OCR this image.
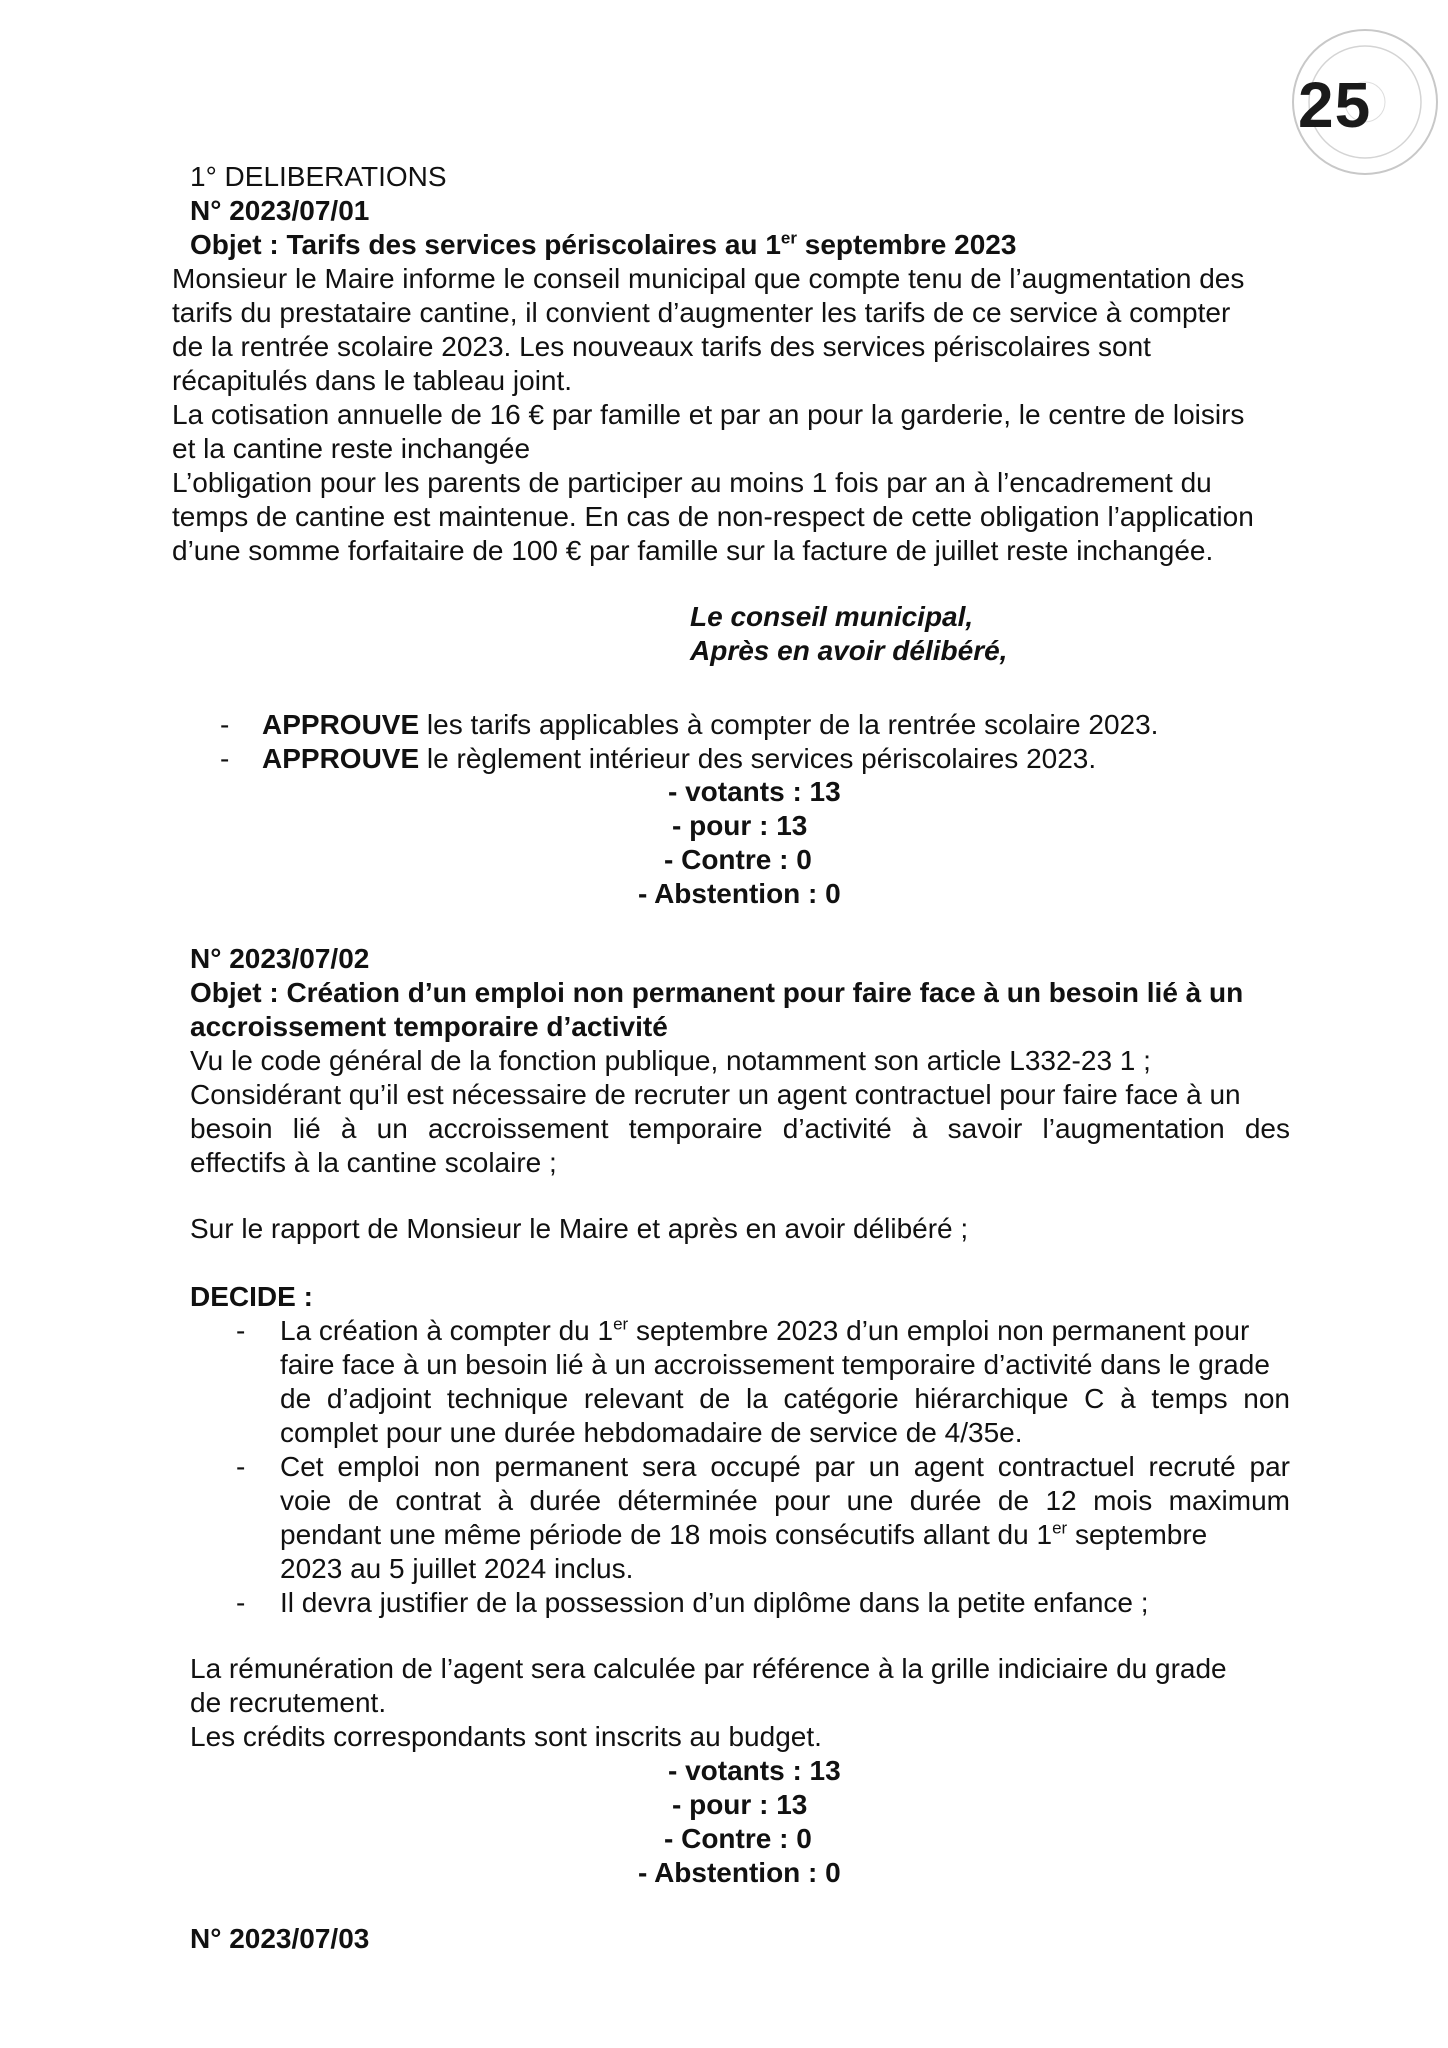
25
1° DELIBERATIONS
N° 2023/07/01
Objet : Tarifs des services périscolaires au 1er septembre 2023
Monsieur le Maire informe le conseil municipal que compte tenu de l’augmentation des
tarifs du prestataire cantine, il convient d’augmenter les tarifs de ce service à compter
de la rentrée scolaire 2023. Les nouveaux tarifs des services périscolaires sont
récapitulés dans le tableau joint.
La cotisation annuelle de 16 € par famille et par an pour la garderie, le centre de loisirs
et la cantine reste inchangée
L’obligation pour les parents de participer au moins 1 fois par an à l’encadrement du
temps de cantine est maintenue. En cas de non-respect de cette obligation l’application
d’une somme forfaitaire de 100 € par famille sur la facture de juillet reste inchangée.
Le conseil municipal,
Après en avoir délibéré,
- APPROUVE les tarifs applicables à compter de la rentrée scolaire 2023.
- APPROUVE le règlement intérieur des services périscolaires 2023.
- votants : 13
- pour : 13
- Contre : 0
- Abstention : 0
N° 2023/07/02
Objet : Création d’un emploi non permanent pour faire face à un besoin lié à un
accroissement temporaire d’activité
Vu le code général de la fonction publique, notamment son article L332-23 1 ;
Considérant qu’il est nécessaire de recruter un agent contractuel pour faire face à un
besoin lié à un accroissement temporaire d’activité à savoir l’augmentation des
effectifs à la cantine scolaire ;
Sur le rapport de Monsieur le Maire et après en avoir délibéré ;
DECIDE :
- La création à compter du 1er septembre 2023 d’un emploi non permanent pour
faire face à un besoin lié à un accroissement temporaire d’activité dans le grade
de d’adjoint technique relevant de la catégorie hiérarchique C à temps non
complet pour une durée hebdomadaire de service de 4/35e.
- Cet emploi non permanent sera occupé par un agent contractuel recruté par
voie de contrat à durée déterminée pour une durée de 12 mois maximum
pendant une même période de 18 mois consécutifs allant du 1er septembre
2023 au 5 juillet 2024 inclus.
- Il devra justifier de la possession d’un diplôme dans la petite enfance ;
La rémunération de l’agent sera calculée par référence à la grille indiciaire du grade
de recrutement.
Les crédits correspondants sont inscrits au budget.
- votants : 13
- pour : 13
- Contre : 0
- Abstention : 0
N° 2023/07/03
